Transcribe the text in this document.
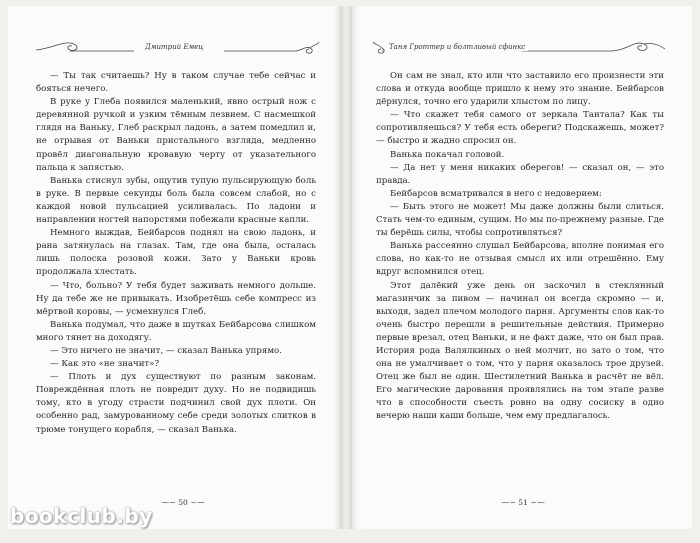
Дмитрий Емец

— Ты так считаешь? Ну в таком случае тебе сейчас и бояться нечего.

В руке у Глеба появился маленький, явно острый нож с деревянной ручкой и узким тёмным лезвием. С насмешкой глядя на Ваньку, Глеб раскрыл ладонь, а затем помедлил и, не отрывая от Ваньки пристального взгляда, медленно провёл диагональную кровавую черту от указательного пальца к запястью.

Ванька стиснул зубы, ощутив тупую пульсирующую боль в руке. В первые секунды боль была совсем слабой, но с каждой новой пульсацией усиливалась. По ладони и направлении ногтей напорстями побежали красные капли.

Немного выждав, Бейбарсов поднял на свою ладонь, и рана затянулась на глазах. Там, где она была, осталась лишь полоска розовой кожи. Зато у Ваньки кровь продолжала хлестать.

— Что, больно? У тебя будет заживать немного дольше. Ну да тебе же не привыкать. Изобретёшь себе компресс из мёртвой коровы, — усмехнулся Глеб.

Ванька подумал, что даже в шутках Бейбарсова слишком много тянет на доходягу.

— Это ничего не значит, — сказал Ванька упрямо.

— Как это «не значит»?

— Плоть и дух существуют по разным законам. Повреждённая плоть не повредит духу. Но не подвидишь тому, кто в угоду страсти подчинил свой дух плоти. Он особенно рад, замурованному себе среди золотых слитков в трюме тонущего корабля, — сказал Ванька.

⁓∽ 50 ∽⁓
Таня Гроттер и болтливый сфинкс

Он сам не знал, кто или что заставило его произнести эти слова и откуда вообще пришло к нему это знание. Бейбарсов дёрнулся, точно его ударили хлыстом по лицу.

— Что скажет тебя самого от зеркала Тантала? Как ты сопротивляешься? У тебя есть обереги? Подскажешь, может? — быстро и жадно спросил он.

Ванька покачал головой.

— Да нет у меня никаких оберегов! — сказал он, — это правда.

Бейбарсов всматривался в него с недоверием:

— Быть этого не может! Мы даже должны были слиться. Стать чем-то единым, сущим. Но мы по-прежнему разные. Где ты берёшь силы, чтобы сопротивляться?

Ванька рассеянно слушал Бейбарсова, вполне понимая его слова, но как-то не отзывая смысл их или отрешённо. Ему вдруг вспомнился отец.

Этот далёкий уже день он заскочил в стеклянный магазинчик за пивом — начинал он всегда скромно — и, выходя, задел плечом молодого парня. Аргументы слов как-то очень быстро перешли в решительные действия. Примерно первые врезал, отец Ваньки, и не факт даже, что он был прав. История рода Валялкиных о ней молчит, но зато о том, что она не умалчивает о том, что у парня оказалось трое друзей. Отец же был не один. Шестилетний Ванька в расчёт не вёл. Его магические дарования проявлялись на том этапе разве что в способности съесть ровно на одну сосиску в одно вечерю наши каши больше, чем ему предлагалось.

⁓∽ 51 ∽⁓
bookclub.by
